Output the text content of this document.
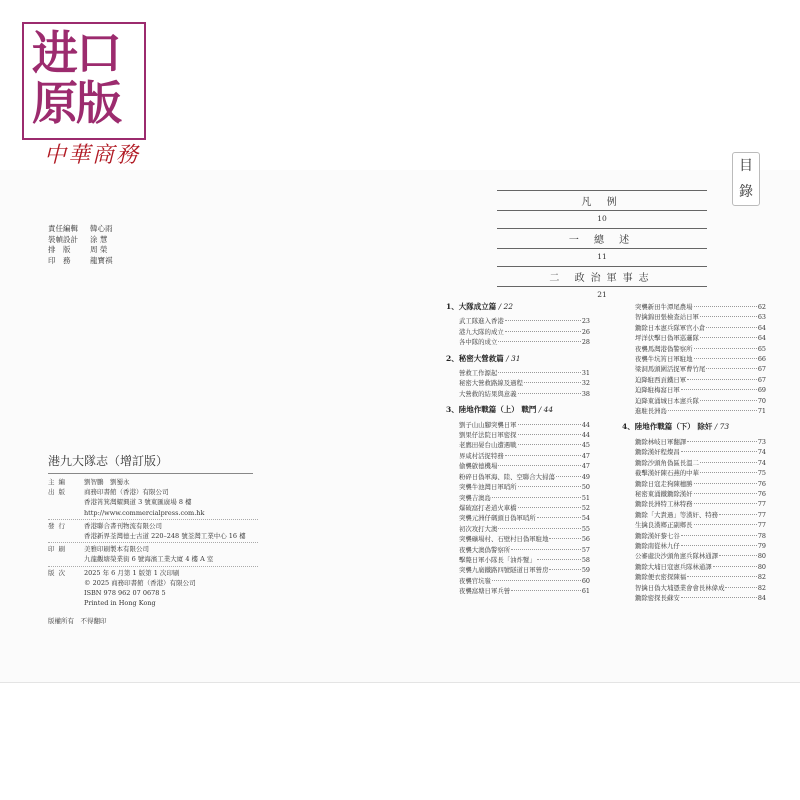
进口原版
中華商務	目錄
責任編輯 韓心雨
裝幀設計 涂 慧
排　版	周 榮
印　務	龍寶祺
港九大隊志（增訂版）
主編	劉智鵬　劉蜀永
出版	商務印書館（香港）有限公司
香港筲箕灣耀興道 3 號東匯廣場 8 樓
http://www.commercialpress.com.hk
發行	香港聯合書刊物流有限公司
香港新界荃灣德士古道 220–248 號荃灣工業中心 16 樓
印刷	美雅印刷製本有限公司
九龍觀塘榮業街 6 號海濱工業大廈 4 樓 A 室
版次	2025 年 6 月第 1 版第 1 次印刷
© 2025 商務印書館（香港）有限公司
ISBN 978 962 07 0678 5
Printed in Hong Kong
版權所有　不得翻印
凡 例
10
一 總 述
11
二 政治軍事志
21
1、大隊成立篇 / 22
武工隊進入香港	23
港九大隊的成立	26
各中隊的成立	28
2、秘密大營救篇 / 31
營救工作源起	31
秘密大營救路線及過程	32
大營救的結果與意義	38
3、陸地作戰篇（上） 戰鬥 / 44
劉子山山腳突襲日軍	44
劉果仔法院日軍密探	44
老鷹田晏台山遭遇戰	45
界咸村活捉特務	47
偷襲啟德機場	47
粉碎日偽軍海、陸、空聯合大掃蕩	49
突襲牛池灣日軍哨所	50
突襲吉澳島	51
爆破窩打老道火車橋	52
突襲元洲仔碼頭日偽軍哨所	54
初次攻打大澳	55
突襲礦場村、石壁村日偽軍駐地	56
夜襲大澳偽警察所	57
擊斃日軍小隊長「油炸蟹」	58
突襲九廣鐵路四號隧道日軍營房	59
夜襲官坑嶺	60
夜襲窩塘日軍兵營	61
突襲新田牛潭尾農場	62
智擒錦田張檢查站日軍	63
鋤除日本憲兵隊軍官小倉	64
坪洋伏擊日偽軍巡邏隊	64
夜襲馬灣港偽警察所	65
夜襲牛坑筲日軍駐地	66
梁洞馬頭圍活捉軍曹竹尾	67
迫降駐西貢鐵日軍	67
迫降駐梅窩日軍	69
迫降東涌城日本憲兵隊	70
進駐長洲島	71
4、陸地作戰篇（下） 除奸 / 73
鋤除林岐日軍翻譯	73
鋤除漢奸程燦昌	74
鋤除沙頭角偽區長溫二	74
截擊漢奸陳石燕的中華	75
鋤除日寇走狗陳穗勝	76
秘密東涌鐵鋤除漢奸	76
鋤除長洲特工林特務	77
鋤除「大貴過」等漢奸、特務	77
生擒良漢鄉正副鄉長	77
鋤除漢奸黎七谷	78
鋤除南從林九仔	79
公審處決沙頭角憲兵隊林通譯	80
鋤除大埔日寇憲兵隊林通譯	80
鋤除便衣密探陳福	82
智擒日偽大埔憑業會會長林偉成	82
鋤除密探長蘇安	84
